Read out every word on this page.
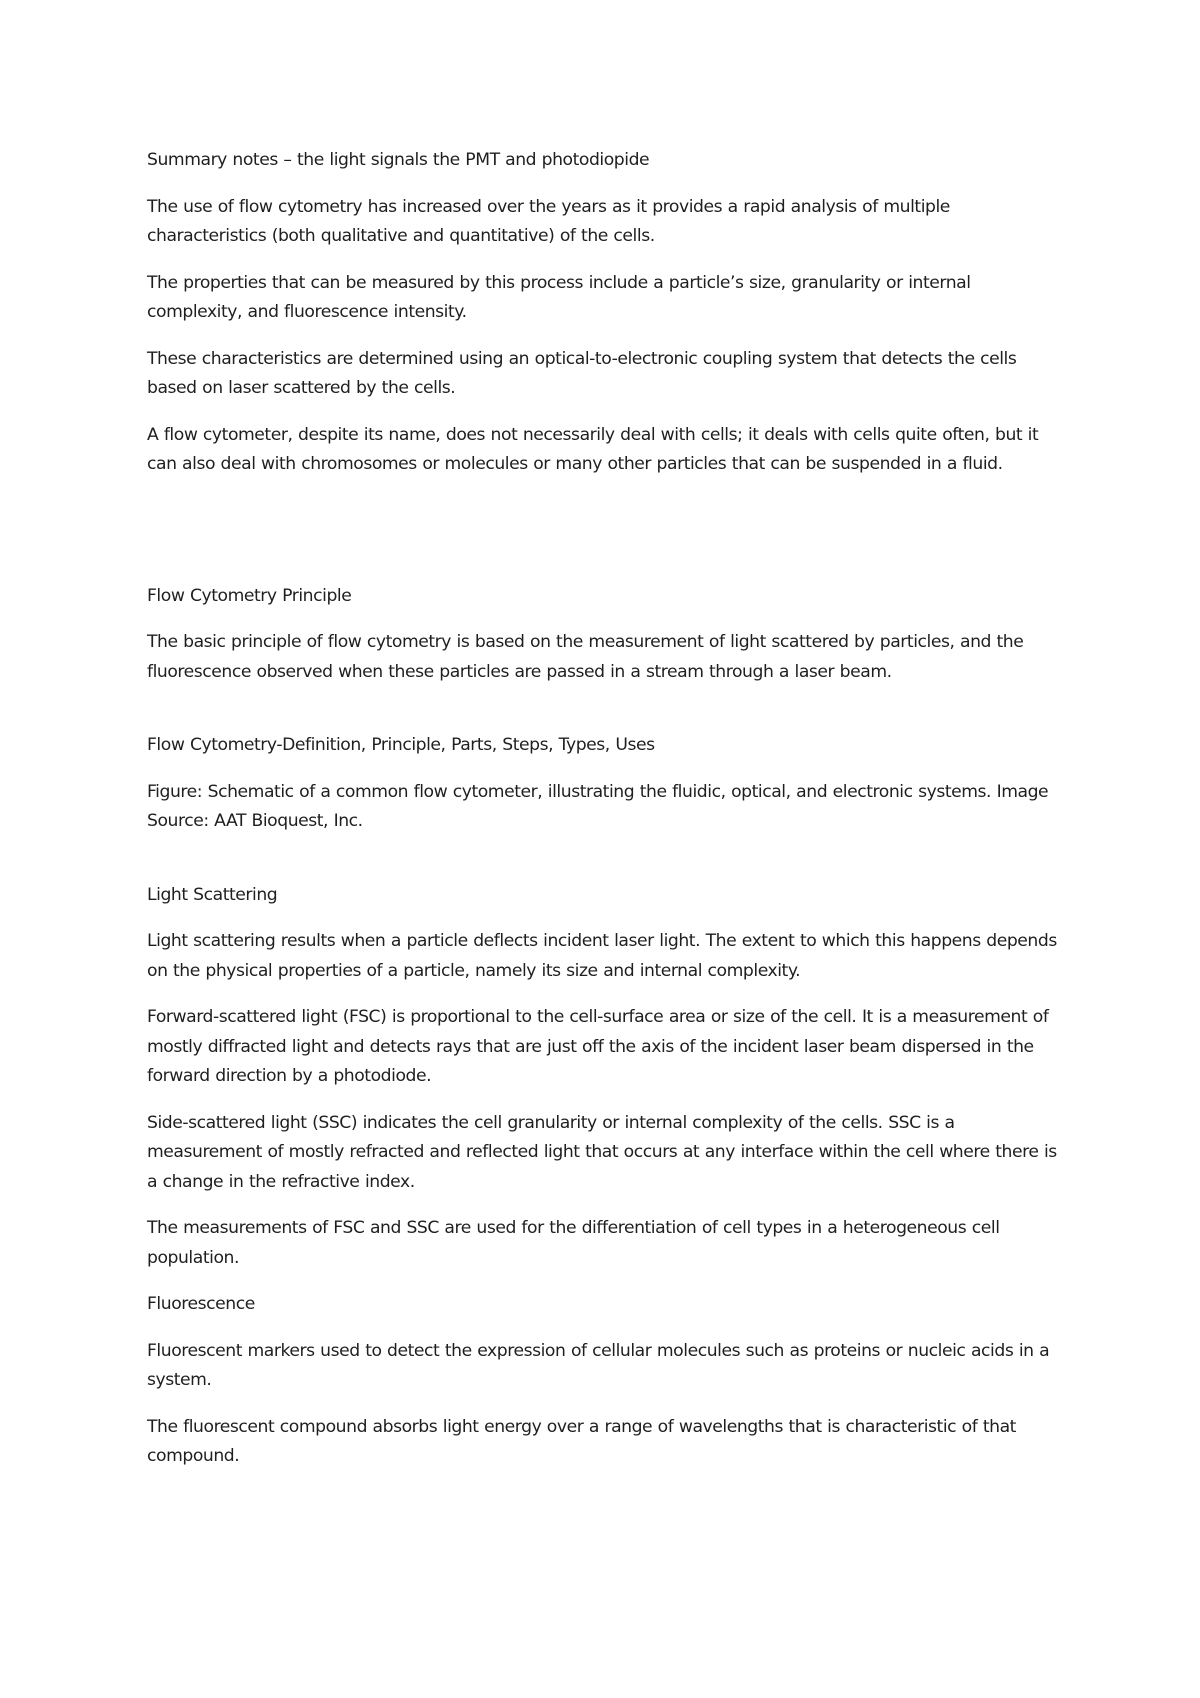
Summary notes – the light signals the PMT and photodiopide

The use of flow cytometry has increased over the years as it provides a rapid analysis of multiple characteristics (both qualitative and quantitative) of the cells.

The properties that can be measured by this process include a particle’s size, granularity or internal complexity, and fluorescence intensity.

These characteristics are determined using an optical-to-electronic coupling system that detects the cells based on laser scattered by the cells.

A flow cytometer, despite its name, does not necessarily deal with cells; it deals with cells quite often, but it can also deal with chromosomes or molecules or many other particles that can be suspended in a fluid.

Flow Cytometry Principle

The basic principle of flow cytometry is based on the measurement of light scattered by particles, and the fluorescence observed when these particles are passed in a stream through a laser beam.

Flow Cytometry-Definition, Principle, Parts, Steps, Types, Uses

Figure: Schematic of a common flow cytometer, illustrating the fluidic, optical, and electronic systems. Image Source: AAT Bioquest, Inc.

Light Scattering

Light scattering results when a particle deflects incident laser light. The extent to which this happens depends on the physical properties of a particle, namely its size and internal complexity.

Forward-scattered light (FSC) is proportional to the cell-surface area or size of the cell. It is a measurement of mostly diffracted light and detects rays that are just off the axis of the incident laser beam dispersed in the forward direction by a photodiode.

Side-scattered light (SSC) indicates the cell granularity or internal complexity of the cells. SSC is a measurement of mostly refracted and reflected light that occurs at any interface within the cell where there is a change in the refractive index.

The measurements of FSC and SSC are used for the differentiation of cell types in a heterogeneous cell population.

Fluorescence

Fluorescent markers used to detect the expression of cellular molecules such as proteins or nucleic acids in a system.

The fluorescent compound absorbs light energy over a range of wavelengths that is characteristic of that compound.
